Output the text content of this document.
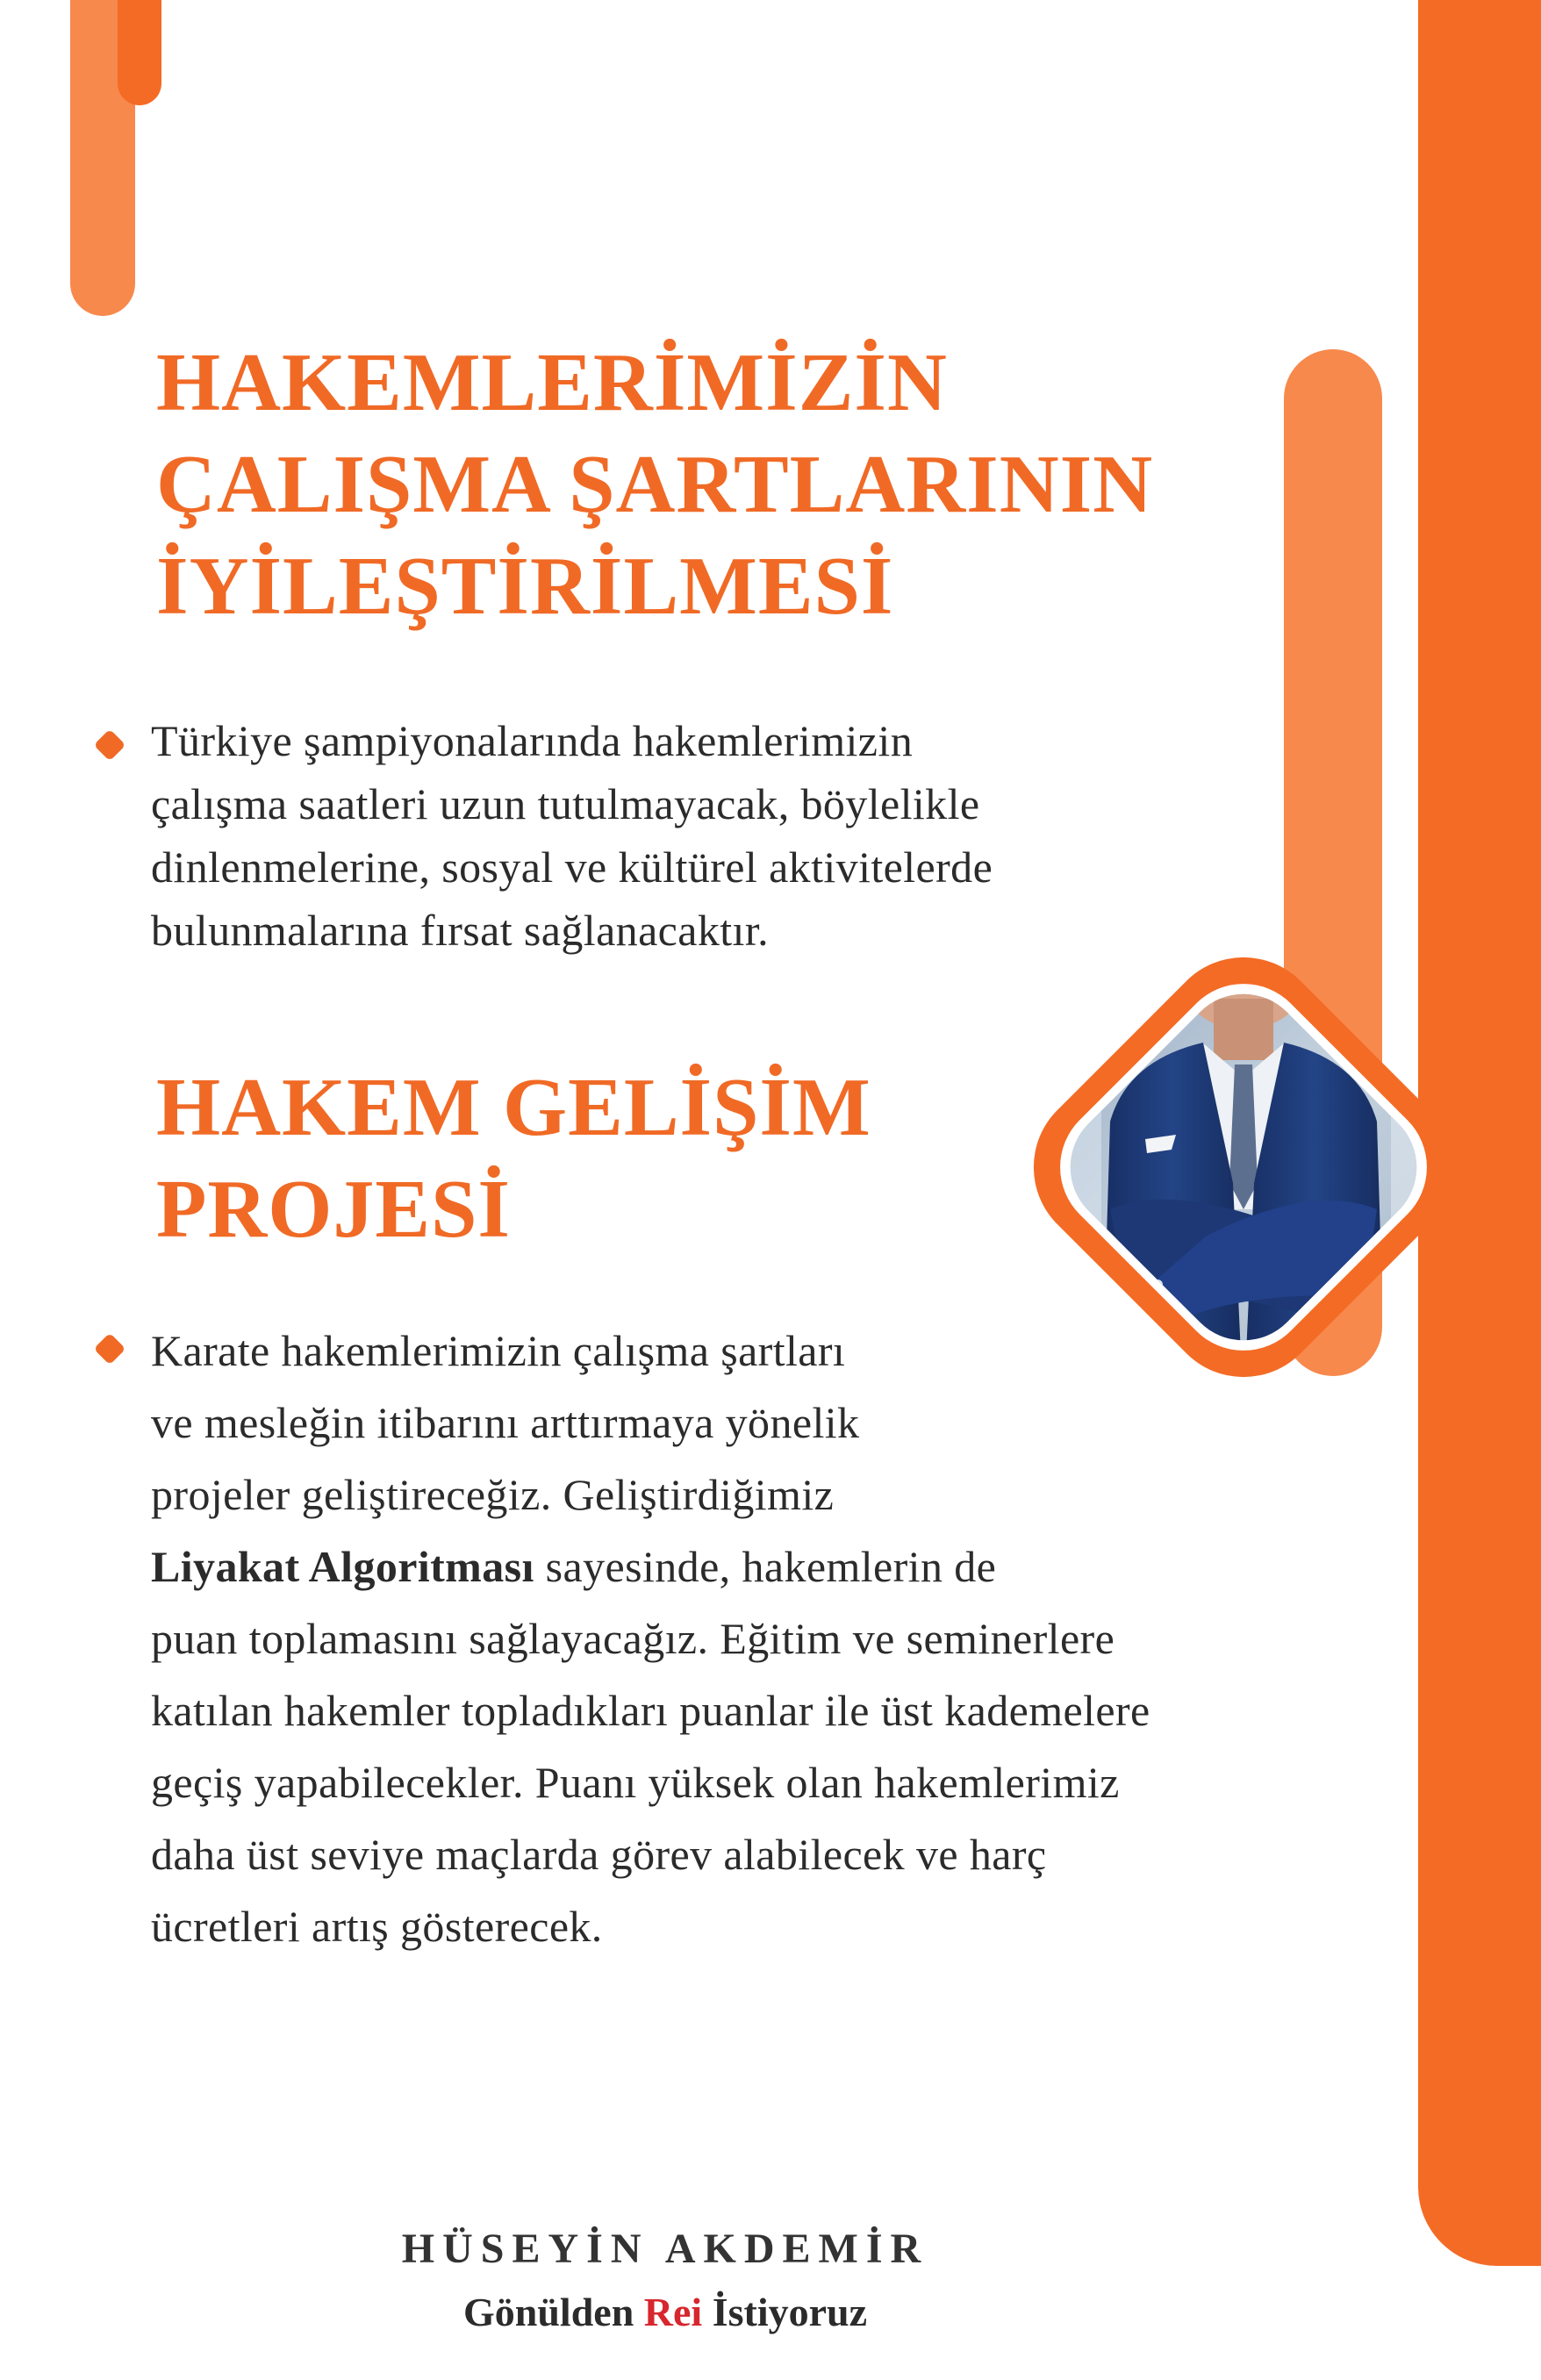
HAKEMLERİMİZİN
ÇALIŞMA ŞARTLARININ
İYİLEŞTİRİLMESİ

Türkiye şampiyonalarında hakemlerimizin
çalışma saatleri uzun tutulmayacak, böylelikle
dinlenmelerine, sosyal ve kültürel aktivitelerde
bulunmalarına fırsat sağlanacaktır.

HAKEM GELİŞİM
PROJESİ

Karate hakemlerimizin çalışma şartları
ve mesleğin itibarını arttırmaya yönelik
projeler geliştireceğiz. Geliştirdiğimiz
Liyakat Algoritması sayesinde, hakemlerin de
puan toplamasını sağlayacağız. Eğitim ve seminerlere
katılan hakemler topladıkları puanlar ile üst kademelere
geçiş yapabilecekler. Puanı yüksek olan hakemlerimiz
daha üst seviye maçlarda görev alabilecek ve harç
ücretleri artış gösterecek.

HÜSEYİN AKDEMİR

Gönülden Rei İstiyoruz
